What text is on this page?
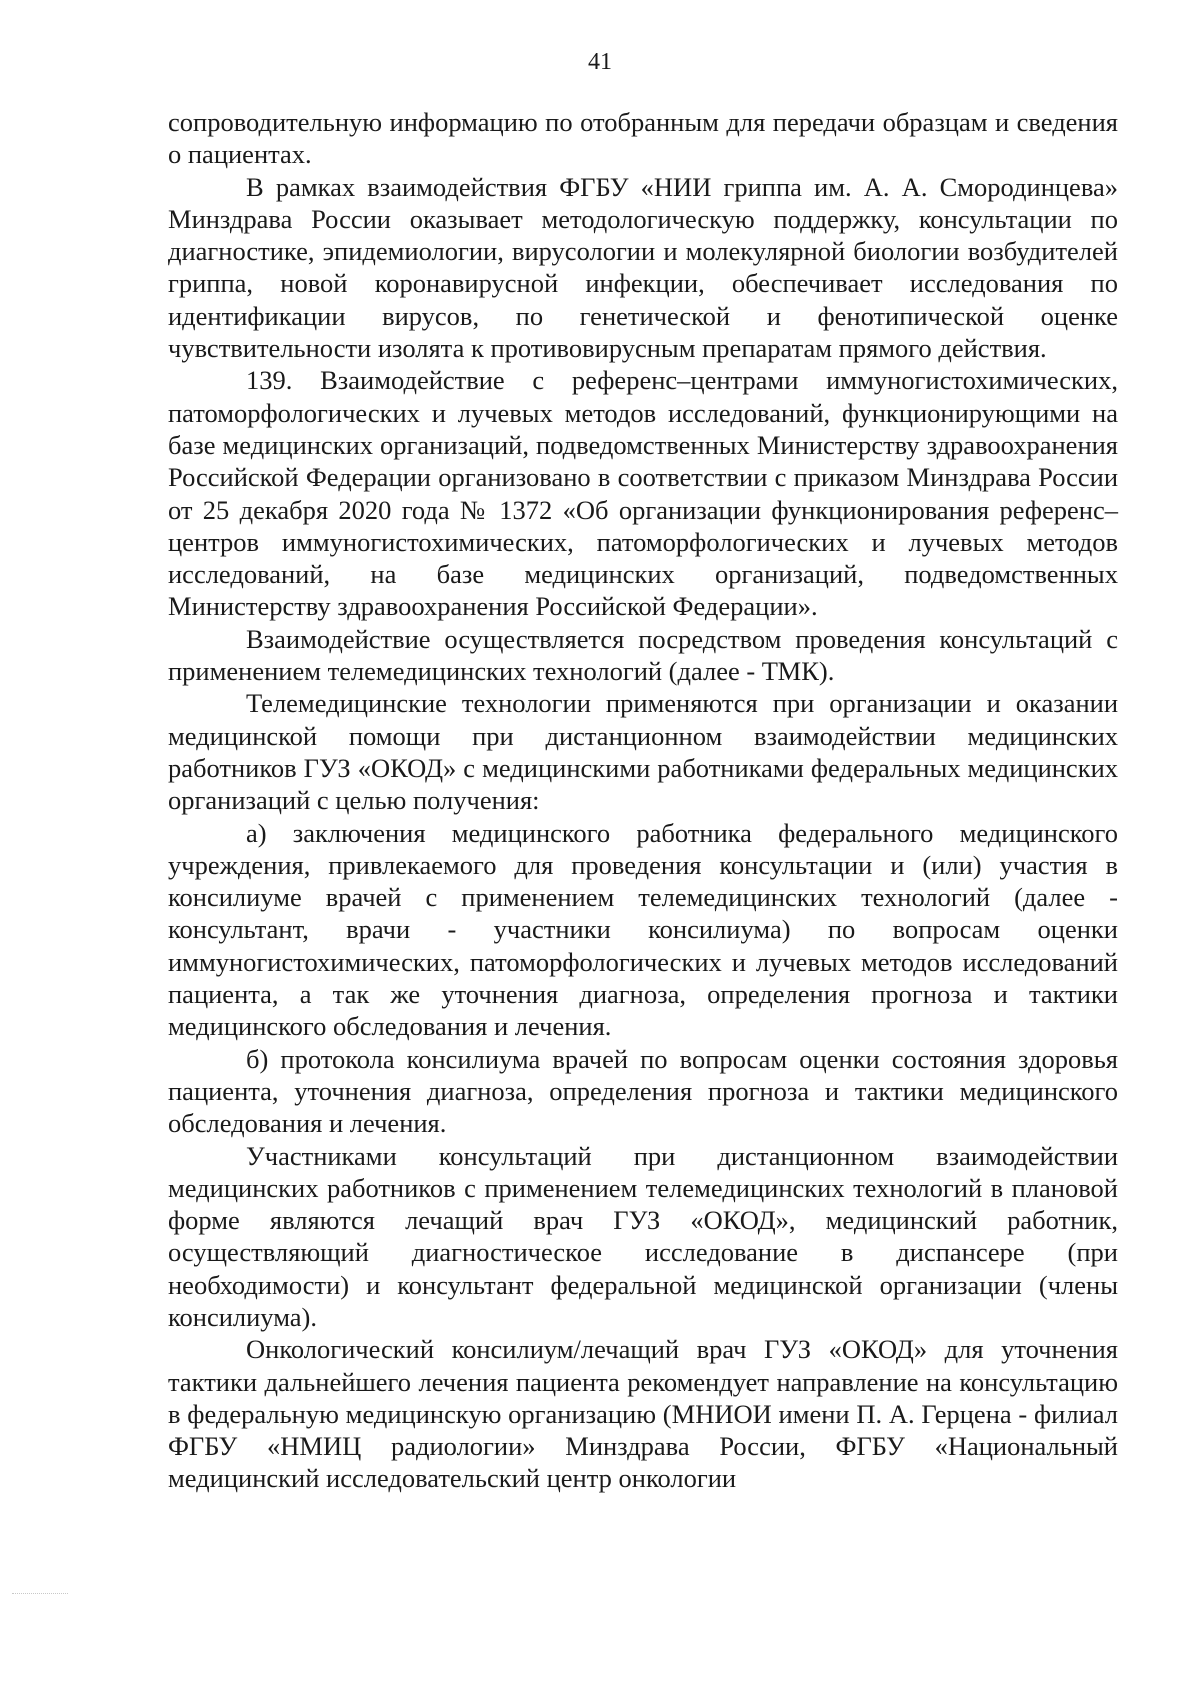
41

сопроводительную информацию по отобранным для передачи образцам и сведения о пациентах.

В рамках взаимодействия ФГБУ «НИИ гриппа им. А. А. Смородинцева» Минздрава России оказывает методологическую поддержку, консультации по диагностике, эпидемиологии, вирусологии и молекулярной биологии возбудителей гриппа, новой коронавирусной инфекции, обеспечивает исследования по идентификации вирусов, по генетической и фенотипической оценке чувствительности изолята к противовирусным препаратам прямого действия.

139. Взаимодействие с референс–центрами иммуногистохимических, патоморфологических и лучевых методов исследований, функционирующими на базе медицинских организаций, подведомственных Министерству здравоохранения Российской Федерации организовано в соответствии с приказом Минздрава России от 25 декабря 2020 года № 1372 «Об организации функционирования референс–центров иммуногистохимических, патоморфологических и лучевых методов исследований, на базе медицинских организаций, подведомственных Министерству здравоохранения Российской Федерации».

Взаимодействие осуществляется посредством проведения консультаций с применением телемедицинских технологий (далее - ТМК).

Телемедицинские технологии применяются при организации и оказании медицинской помощи при дистанционном взаимодействии медицинских работников ГУЗ «ОКОД» с медицинскими работниками федеральных медицинских организаций с целью получения:

а) заключения медицинского работника федерального медицинского учреждения, привлекаемого для проведения консультации и (или) участия в консилиуме врачей с применением телемедицинских технологий (далее - консультант, врачи - участники консилиума) по вопросам оценки иммуногистохимических, патоморфологических и лучевых методов исследований пациента, а так же уточнения диагноза, определения прогноза и тактики медицинского обследования и лечения.

б) протокола консилиума врачей по вопросам оценки состояния здоровья пациента, уточнения диагноза, определения прогноза и тактики медицинского обследования и лечения.

Участниками консультаций при дистанционном взаимодействии медицинских работников с применением телемедицинских технологий в плановой форме являются лечащий врач ГУЗ «ОКОД», медицинский работник, осуществляющий диагностическое исследование в диспансере (при необходимости) и консультант федеральной медицинской организации (члены консилиума).

Онкологический консилиум/лечащий врач ГУЗ «ОКОД» для уточнения тактики дальнейшего лечения пациента рекомендует направление на консультацию в федеральную медицинскую организацию (МНИОИ имени П. А. Герцена - филиал ФГБУ «НМИЦ радиологии» Минздрава России, ФГБУ «Национальный медицинский исследовательский центр онкологии
